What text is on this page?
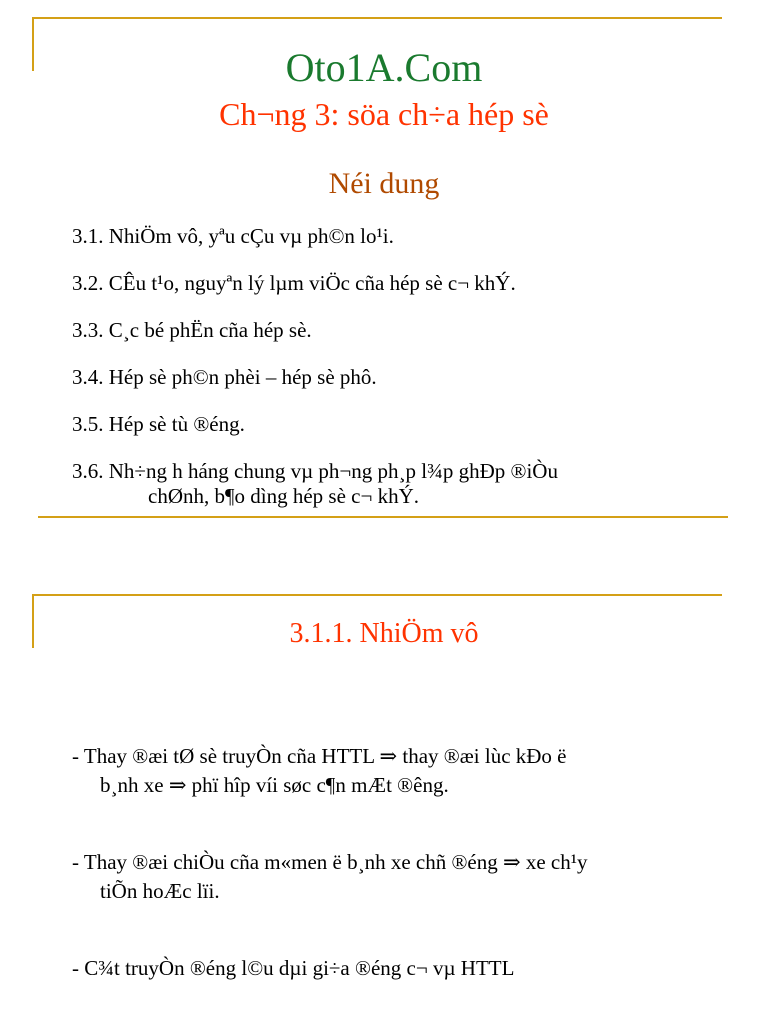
Oto1A.Com
Ch¬ng 3: söa ch÷a hép sè
Néi dung
3.1. NhiÖm vô, yªu cÇu vµ ph©n lo¹i.
3.2. CÊu t¹o, nguyªn lý lµm viÖc cña hép sè c¬ khÝ.
3.3. C¸c bé phËn cña hép sè.
3.4. Hép sè ph©n phèi – hép sè phô.
3.5. Hép sè tù ®éng.
3.6. Nh÷ng h háng chung vµ ph¬ng ph¸p l¾p ghÐp ®iÒu
chØnh, b¶o dìng hép sè c¬ khÝ.
3.1.1. NhiÖm vô
- Thay ®æi tØ sè truyÒn cña HTTL ⇒ thay ®æi lùc kÐo ë
b¸nh xe ⇒ phï hîp víi søc c¶n mÆt ®êng.
- Thay ®æi chiÒu cña m«men ë b¸nh xe chñ ®éng ⇒ xe ch¹y
tiÕn hoÆc lïi.
- C¾t truyÒn ®éng l©u dµi gi÷a ®éng c¬ vµ HTTL
